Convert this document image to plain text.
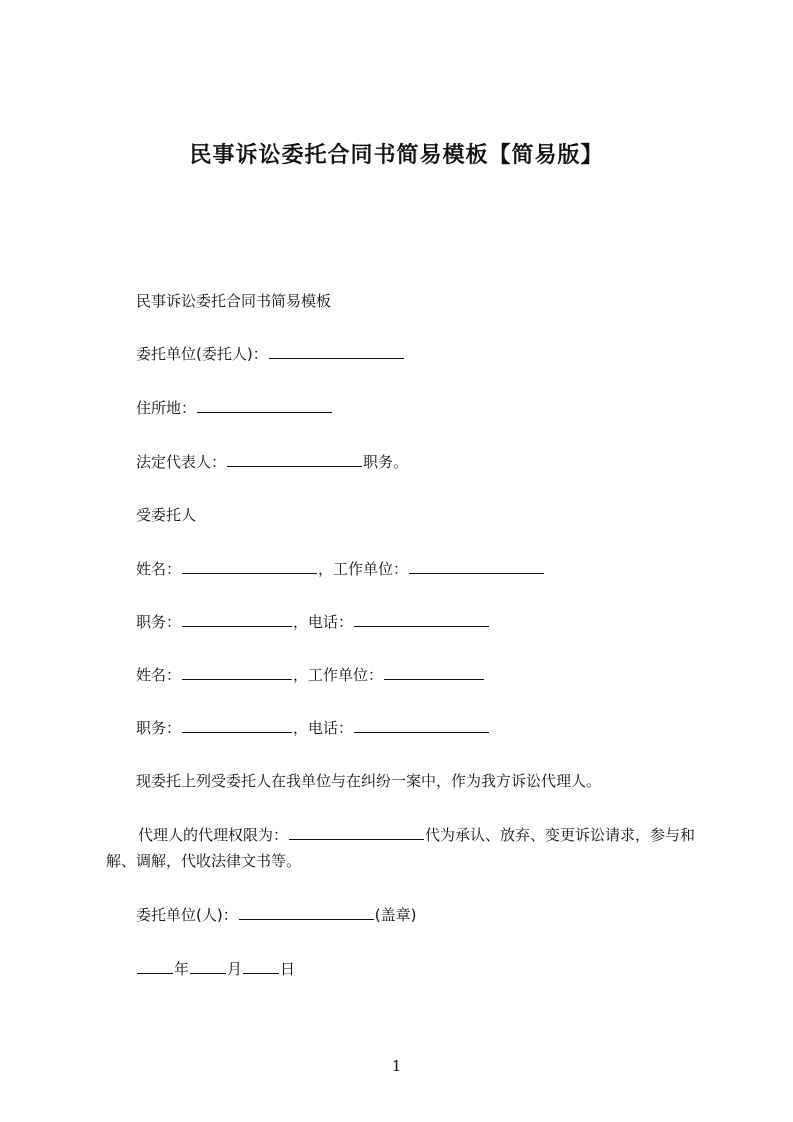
民事诉讼委托合同书简易模板【简易版】
民事诉讼委托合同书简易模板
委托单位(委托人)：
住所地：
法定代表人：	职务。
受委托人
姓名：	，工作单位：
职务：	，电话：
姓名：	，工作单位：
职务：	，电话：
现委托上列受委托人在我单位与在纠纷一案中，作为我方诉讼代理人。
代理人的代理权限为：	代为承认、放弃、变更诉讼请求，参与和解、调解，代收法律文书等。
委托单位(人)：	(盖章)
年	月	日
1
